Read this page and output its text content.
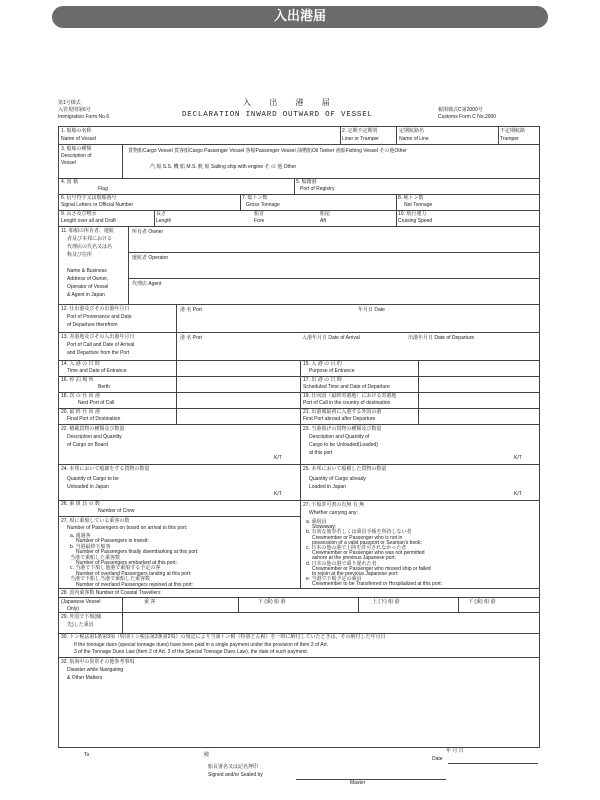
入出港届
第1号様式
入管規則第6号
Immigration Form No.6
入 出 港 届
DECLARATION INWARD OUTWARD OF VESSEL
税関様式C第2000号
Customs Form C No.2000
1. 船舶の名称
Name of Vessel
2. 定期不定期別
Liner or Tramper
定期航路名
Name of Line
不定期航路
Tramper
3. 船舶の種類
Description of
Vessel
貨物船Cargo Vessel 貨客船Cargo Passenger Vessel 客船Passenger Vessel 油槽船Oil Tanker 漁船Fishing Vessel その他Other
汽 船 S.S. 機 船 M.S. 帆 船 Sailing ship with engine そ の 他 Other
4. 国 籍
Flag
5. 船籍港
Port of Registry
6. 信号符字又は船舶番号
Signal Letters or Official Number
7. 総トン数
Gross Tonnage
8. 純トン数
Net Tonnage
9. 長さ及び喫水
Length over all and Draft
長さ
Length
船首
Fore
船尾
Aft
10. 航行速力
Cruising Speed
11. 船舶の所有者、運航
者及び本邦における
代理店の氏名又は名
称及び住所
Name & Business
Address of Owner,
Operator of Vessel
& Agent in Japan
所有者 Owner
運航者 Operator
代理店 Agent
12. 仕出港及びその出港年月日
Port of Provenance and Date
of Departure therefrom
港 名 Port	年月日 Date
13. 寄港地及びその入出港年月日
Port of Call and Date of Arrival
and Departure from the Port
港 名 Port	入港年月日 Date of Arrival	出港年月日 Date of Departure
14. 入 港 の 日 時
Time and Date of Entrance
15. 入 港 の 目 的
Purpose of Entrance
16. 停 泊 場 所
Berth
17. 出 港 の 日 時
Scheduled Time and Date of Departure
18. 次 の 仕 向 港
Next Port of Call
19. 仕向国（最終寄港地）における寄港地
Port of Call in the country of destination
20. 最 終 仕 向 港
Final Port of Destination
21. 出港後最初に入港する外国の港
First Port abroad after Departure
22. 積載貨物の種類及び数量
Description and Quantity
of Cargo on Board
K/T
23. 当港揚げの貨物の種類及び数量
Description and Quantity of
Cargo to be Unloaded(Loaded)
at this port
K/T
24. 本邦において船卸をする貨物の数量
Quantity of Cargo to be
Unloaded in Japan
K/T
25. 本邦において船積した貨物の数量
Quantity of Cargo already
Loaded in Japan
K/T
26. 乗 組 員 の 数
Number of Crew
27. 下船許可書の有無 有 無
Whether carrying any:
27. 現に乗船している乗客の数
Number of Passengers on board on arrival to this port:
a. 通過客
Number of Passengers in transit:
b. 当港最終下船客
Number of Passengers finally disembarking at this port:
当港で乗船した乗客数
Number of Passengers embarked at this port:
c. 当港で下船し他港で乗船する予定の客
Number of overland Passengers landing at this port:
当港で下船し当港で乗船した乗客数
Number of overland Passengers rejoined at this port:
a. 乗組員
Stowaway:
b. 有効な旅券若しくは乗員手帳を所持しない者
Crewmember or Passenger who is not in
possession of a valid passport or Seaman's book:
c. 日本の他の港で上陸を許可されなかった者
Crewmember or Passenger who was not permitted
ashore at the previous Japanese port:
d. 日本の他の港で乗り遅れた者
Crewmember or Passenger who missed ship or failed
to rejoin at the previous Japanese port:
e. 当港で下船予定の乗員
Crewmember to be Transferred or Hospitalized at this port:
28. 国内乗客数 Number of Coastal Travellers
(Japanese Vessel
Only)
乗 客	下 (乗) 船 港	上 (下) 船 港	下 (乗) 船 港
29. 外国で下船(傭
先)した乗員
30. トン税法第1条第3項（特別トン税法第3条第2項）の規定により当該トン税（特別とん税）を一時に納付していたときは、その納付した年月日
If the tonnage dues (special tonnage dues) have been paid in a single payment under the provision of Item 2 of Art.
3 of the Tonnage Dues Law (Item 2 of Art. 3 of the Special Tonnage Dues Law), the date of such payment.
32. 航海中の異常その他参考事項
Disaster while Navigating
& Other Matters
To	殿
年 月 日
Date
船長署名又は記名押印
Signed and/or Sealed by
Master
